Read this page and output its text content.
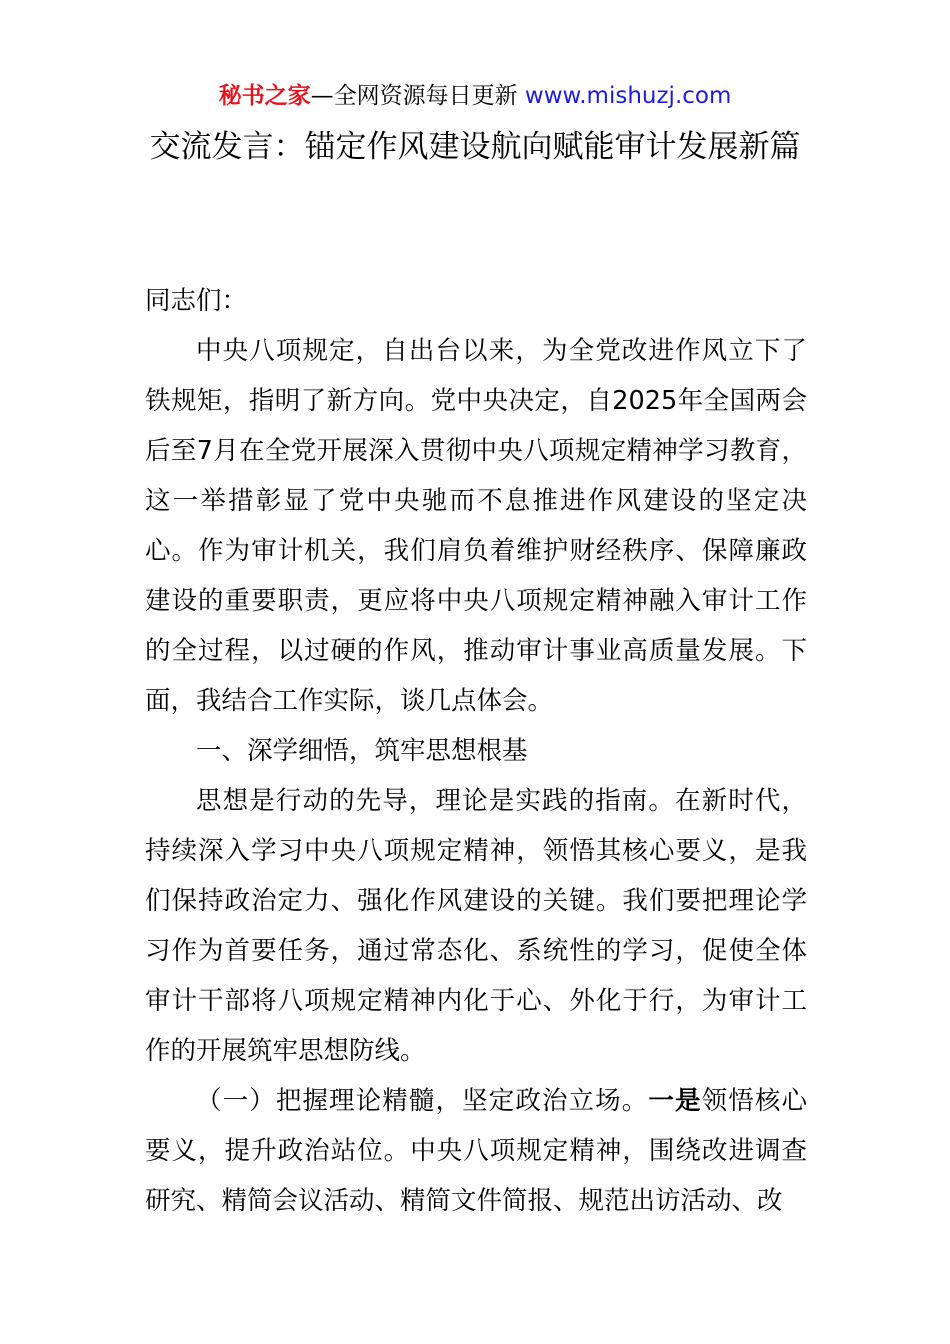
秘书之家—全网资源每日更新 www.mishuzj.com
交流发言：锚定作风建设航向赋能审计发展新篇

同志们：

中央八项规定，自出台以来，为全党改进作风立下了铁规矩，指明了新方向。党中央决定，自2025年全国两会后至7月在全党开展深入贯彻中央八项规定精神学习教育，这一举措彰显了党中央驰而不息推进作风建设的坚定决心。作为审计机关，我们肩负着维护财经秩序、保障廉政建设的重要职责，更应将中央八项规定精神融入审计工作的全过程，以过硬的作风，推动审计事业高质量发展。下面，我结合工作实际，谈几点体会。

一、深学细悟，筑牢思想根基

思想是行动的先导，理论是实践的指南。在新时代，持续深入学习中央八项规定精神，领悟其核心要义，是我们保持政治定力、强化作风建设的关键。我们要把理论学习作为首要任务，通过常态化、系统性的学习，促使全体审计干部将八项规定精神内化于心、外化于行，为审计工作的开展筑牢思想防线。

（一）把握理论精髓，坚定政治立场。一是领悟核心要义，提升政治站位。中央八项规定精神，围绕改进调查研究、精简会议活动、精简文件简报、规范出访活动、改
